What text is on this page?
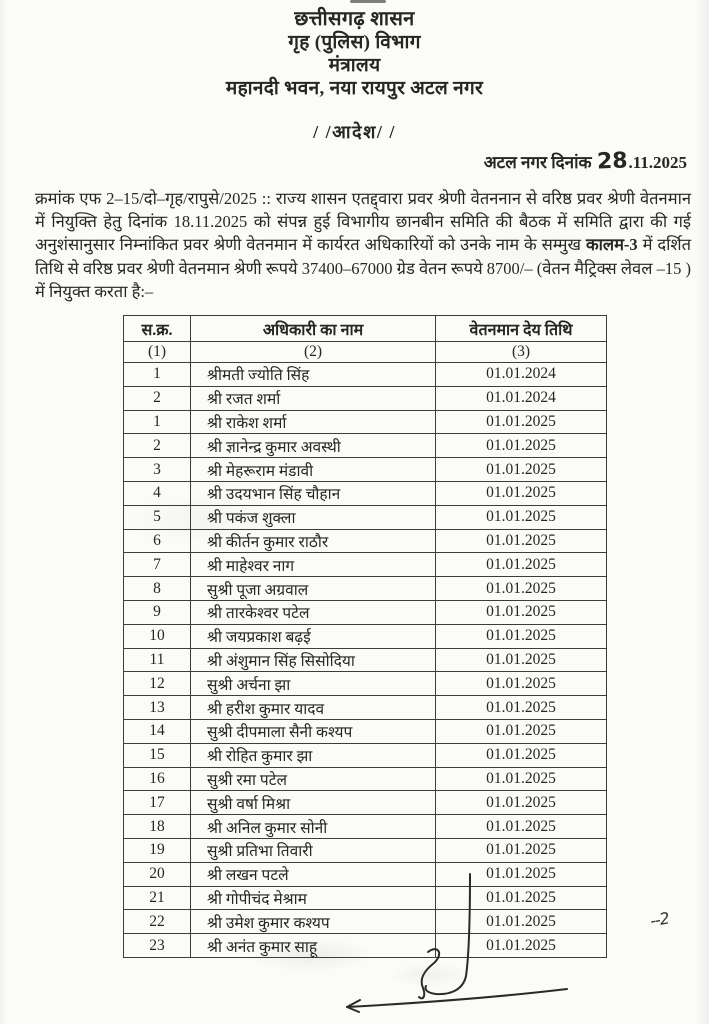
छत्तीसगढ़ शासन
गृह (पुलिस) विभाग
मंत्रालय
महानदी भवन, नया रायपुर अटल नगर
/ /आदेश/ /
अटल नगर दिनांक 28.11.2025

क्रमांक एफ 2–15/दो–गृह/रापुसे/2025 :: राज्य शासन एतद्द्वारा प्रवर श्रेणी वेतननान से वरिष्ठ प्रवर श्रेणी वेतनमान में नियुक्ति हेतु दिनांक 18.11.2025 को संपन्न हुई विभागीय छानबीन समिति की बैठक में समिति द्वारा की गई अनुशंसानुसार निम्नांकित प्रवर श्रेणी वेतनमान में कार्यरत अधिकारियों को उनके नाम के सम्मुख कालम-3 में दर्शित तिथि से वरिष्ठ प्रवर श्रेणी वेतनमान श्रेणी रूपये 37400–67000 ग्रेड वेतन रूपये 8700/– (वेतन मैट्रिक्स लेवल –15 ) में नियुक्त करता है:–

स.क्र.	अधिकारी का नाम	वेतनमान देय तिथि
(1)	(2)	(3)
1	श्रीमती ज्योति सिंह	01.01.2024
2	श्री रजत शर्मा	01.01.2024
1	श्री राकेश शर्मा	01.01.2025
2	श्री ज्ञानेन्द्र कुमार अवस्थी	01.01.2025
3	श्री मेहरूराम मंडावी	01.01.2025
4	श्री उदयभान सिंह चौहान	01.01.2025
5	श्री पकंज शुक्ला	01.01.2025
6	श्री कीर्तन कुमार राठौर	01.01.2025
7	श्री माहेश्वर नाग	01.01.2025
8	सुश्री पूजा अग्रवाल	01.01.2025
9	श्री तारकेश्वर पटेल	01.01.2025
10	श्री जयप्रकाश बढ़ई	01.01.2025
11	श्री अंशुमान सिंह सिसोदिया	01.01.2025
12	सुश्री अर्चना झा	01.01.2025
13	श्री हरीश कुमार यादव	01.01.2025
14	सुश्री दीपमाला सैनी कश्यप	01.01.2025
15	श्री रोहित कुमार झा	01.01.2025
16	सुश्री रमा पटेल	01.01.2025
17	सुश्री वर्षा मिश्रा	01.01.2025
18	श्री अनिल कुमार सोनी	01.01.2025
19	सुश्री प्रतिभा तिवारी	01.01.2025
20	श्री लखन पटले	01.01.2025
21	श्री गोपीचंद मेश्राम	01.01.2025
22	श्री उमेश कुमार कश्यप	01.01.2025
23	श्री अनंत कुमार साहू	01.01.2025
--2
